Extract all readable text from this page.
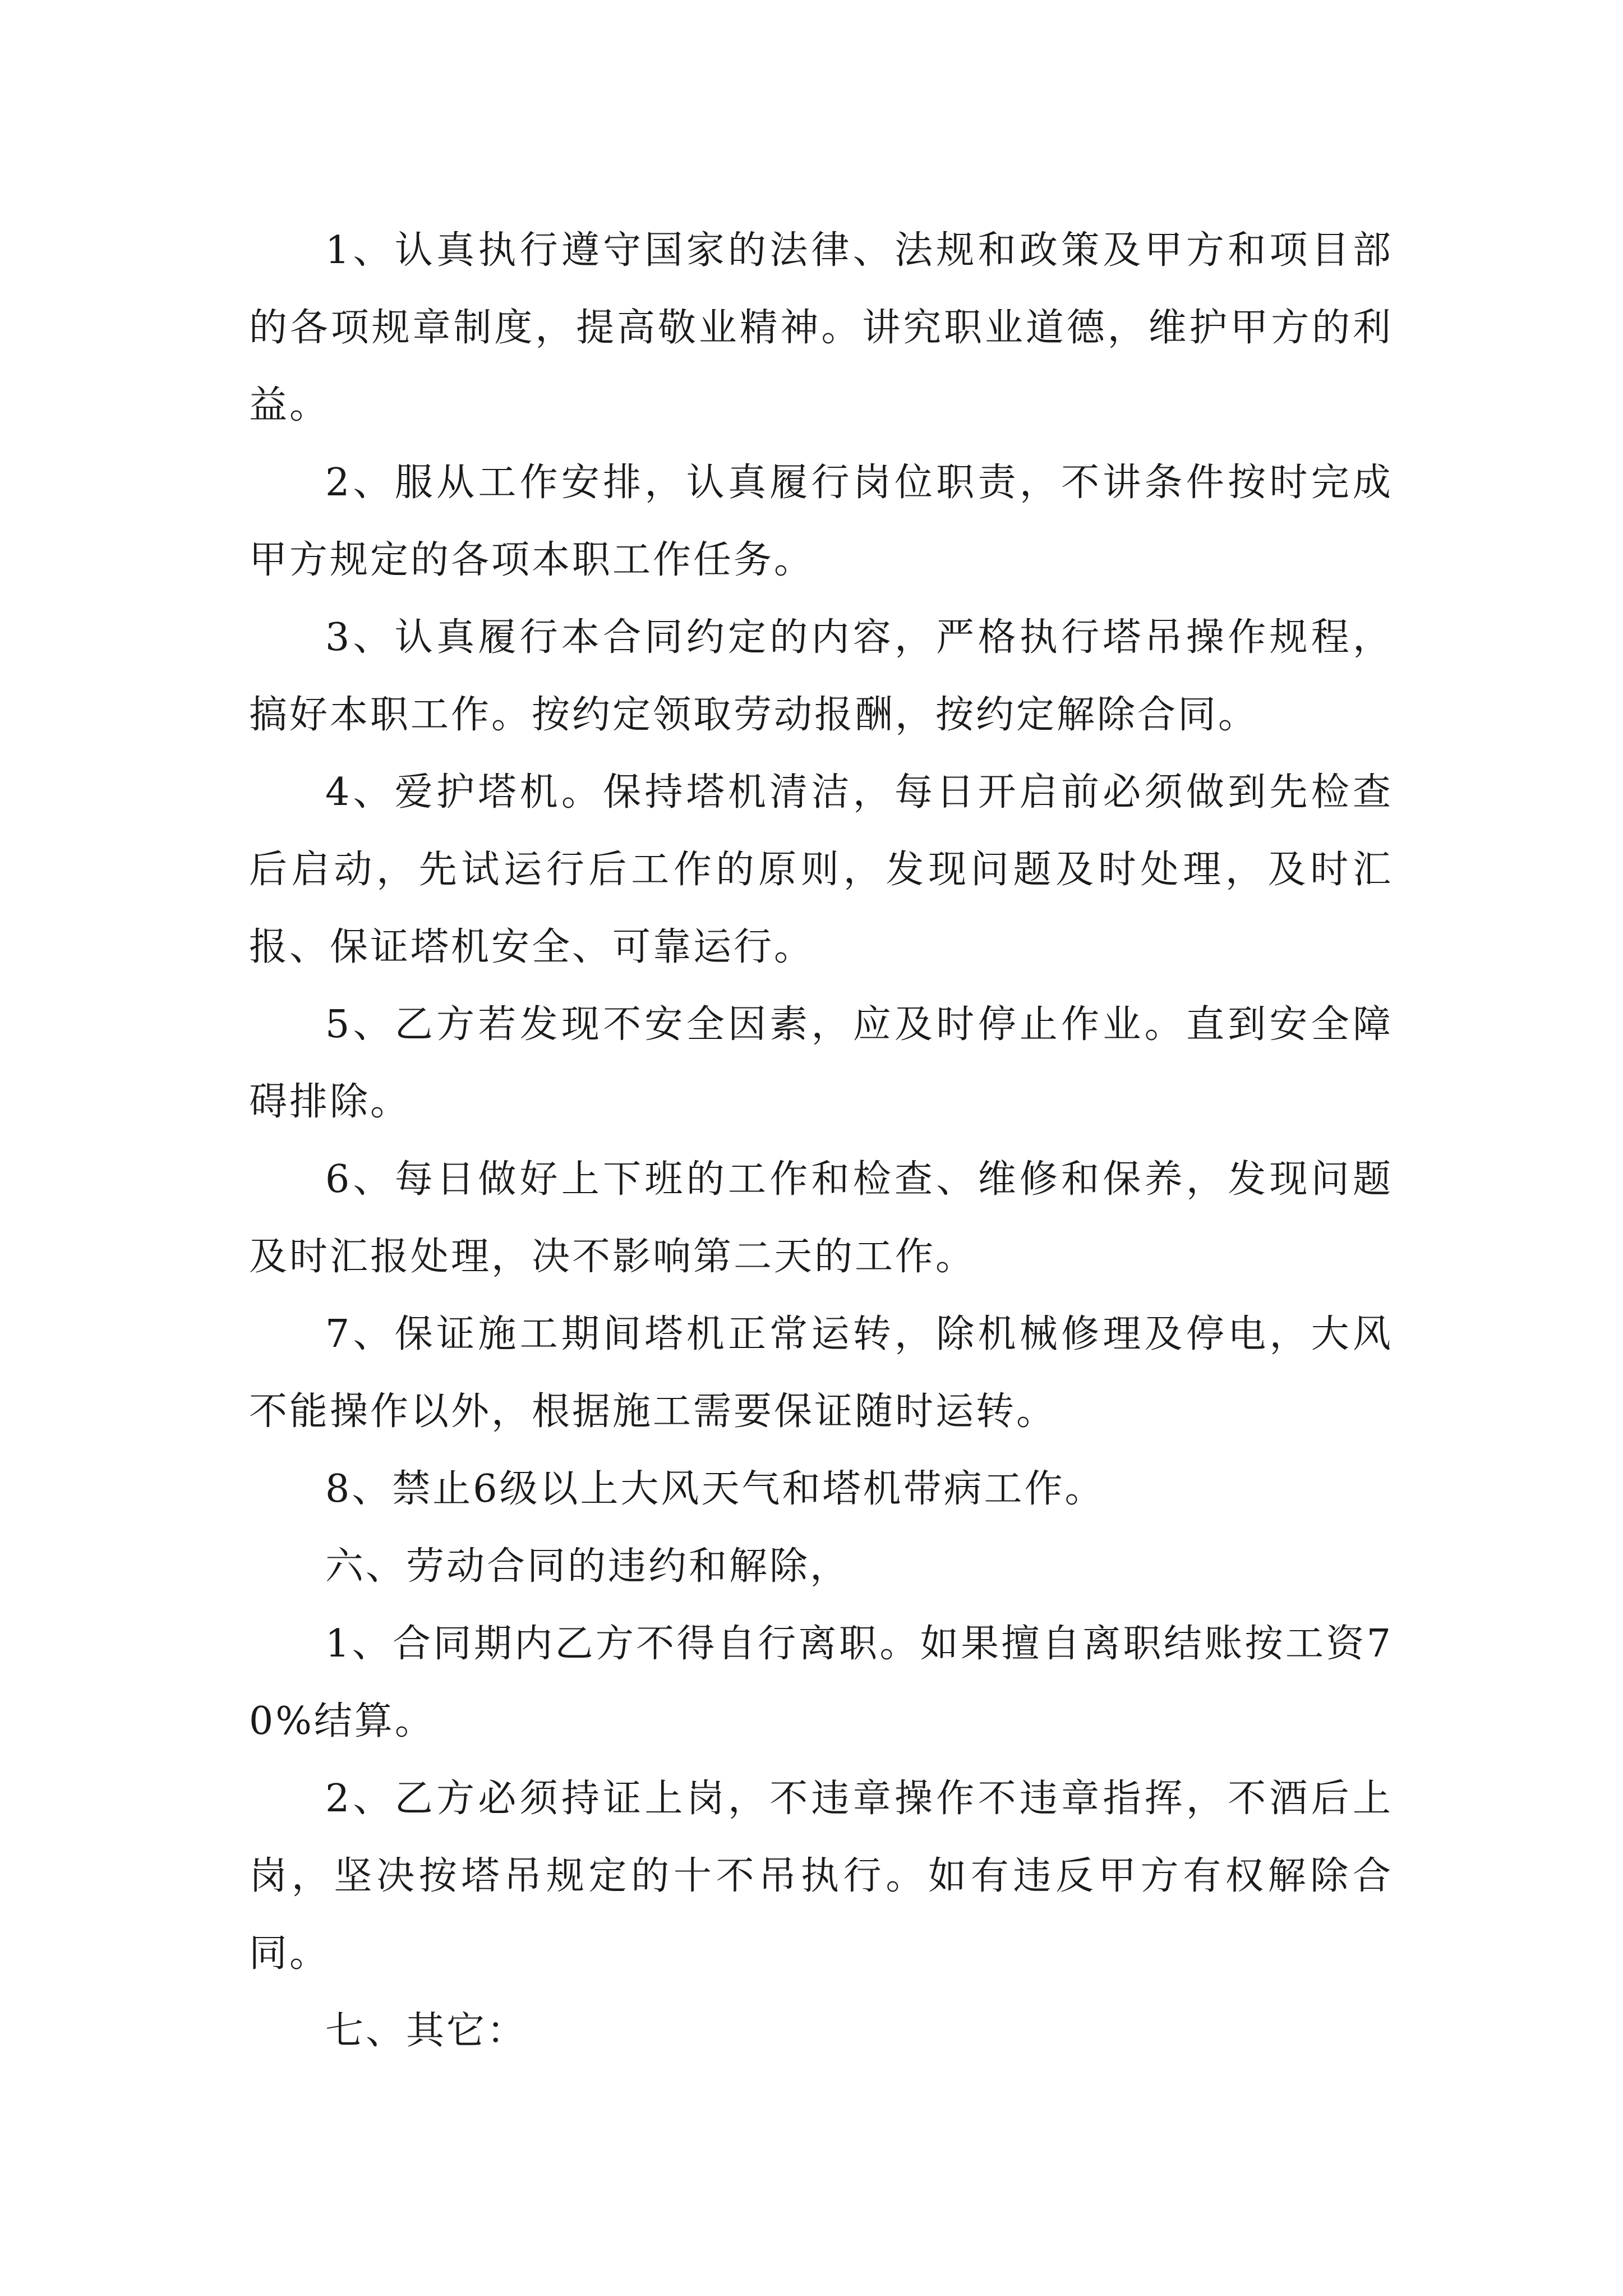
1、认真执行遵守国家的法律、法规和政策及甲方和项目部的各项规章制度，提高敬业精神。讲究职业道德，维护甲方的利益。

2、服从工作安排，认真履行岗位职责，不讲条件按时完成甲方规定的各项本职工作任务。

3、认真履行本合同约定的内容，严格执行塔吊操作规程，搞好本职工作。按约定领取劳动报酬，按约定解除合同。

4、爱护塔机。保持塔机清洁，每日开启前必须做到先检查后启动，先试运行后工作的原则，发现问题及时处理，及时汇报、保证塔机安全、可靠运行。

5、乙方若发现不安全因素，应及时停止作业。直到安全障碍排除。

6、每日做好上下班的工作和检查、维修和保养，发现问题及时汇报处理，决不影响第二天的工作。

7、保证施工期间塔机正常运转，除机械修理及停电，大风不能操作以外，根据施工需要保证随时运转。

8、禁止6级以上大风天气和塔机带病工作。

六、劳动合同的违约和解除，

1、合同期内乙方不得自行离职。如果擅自离职结账按工资70%结算。

2、乙方必须持证上岗，不违章操作不违章指挥，不酒后上岗，坚决按塔吊规定的十不吊执行。如有违反甲方有权解除合同。

七、其它：
